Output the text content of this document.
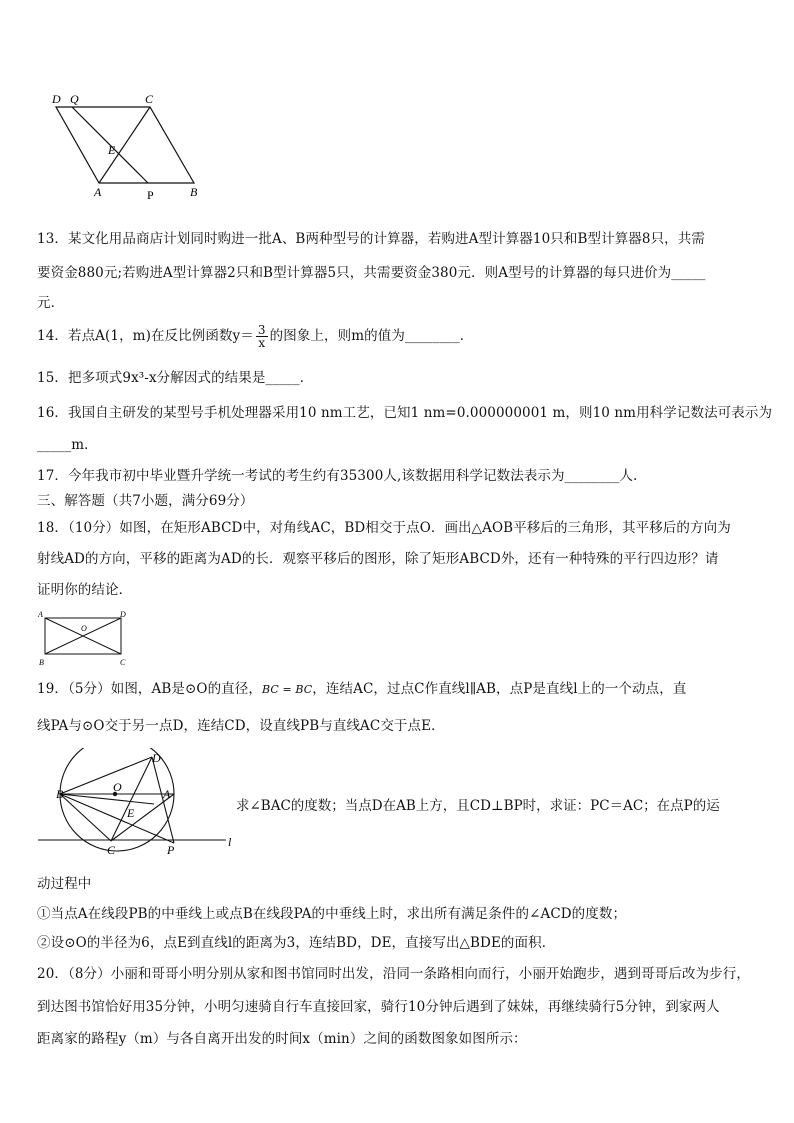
D Q	C
E
A	P	B
13．某文化用品商店计划同时购进一批A、B两种型号的计算器，若购进A型计算器10只和B型计算器8只，共需
要资金880元;若购进A型计算器2只和B型计算器5只，共需要资金380元．则A型号的计算器的每只进价为_____
元．
14．若点A(1，m)在反比例函数$y= \frac{3}{x}$ 的图象上，则m的值为________．
15．把多项式9x³-x分解因式的结果是_____．
16．我国自主研发的某型号手机处理器采用10 nm工艺，已知1 nm=0.000000001 m，则10 nm用科学记数法可表示为
_____m．
17．今年我市初中毕业暨升学统一考试的考生约有35300人,该数据用科学记数法表示为________人.
三、解答题（共7小题，满分69分）
18．（10分）如图，在矩形ABCD中，对角线AC，BD相交于点O．画出△AOB平移后的三角形，其平移后的方向为
射线AD的方向，平移的距离为AD的长．观察平移后的图形，除了矩形ABCD外，还有一种特殊的平行四边形？请
证明你的结论．
A	D
O
B	C
19．（5分）如图，AB是⊙O的直径，BC = BC，连结AC，过点C作直线l∥AB，点P是直线l上的一个动点，直
线PA与⊙O交于另一点D，连结CD，设直线PB与直线AC交于点E．
D
B	O	A
E
C	P
l
求∠BAC的度数；当点D在AB上方，且CD⊥BP时，求证：PC＝AC；在点P的运
动过程中
①当点A在线段PB的中垂线上或点B在线段PA的中垂线上时，求出所有满足条件的∠ACD的度数；
②设⊙O的半径为6，点E到直线l的距离为3，连结BD，DE，直接写出△BDE的面积．
20．（8分）小丽和哥哥小明分别从家和图书馆同时出发，沿同一条路相向而行，小丽开始跑步，遇到哥哥后改为步行，
到达图书馆恰好用35分钟，小明匀速骑自行车直接回家，骑行10分钟后遇到了妹妹，再继续骑行5分钟，到家两人
距离家的路程y（m）与各自离开出发的时间x（min）之间的函数图象如图所示：
